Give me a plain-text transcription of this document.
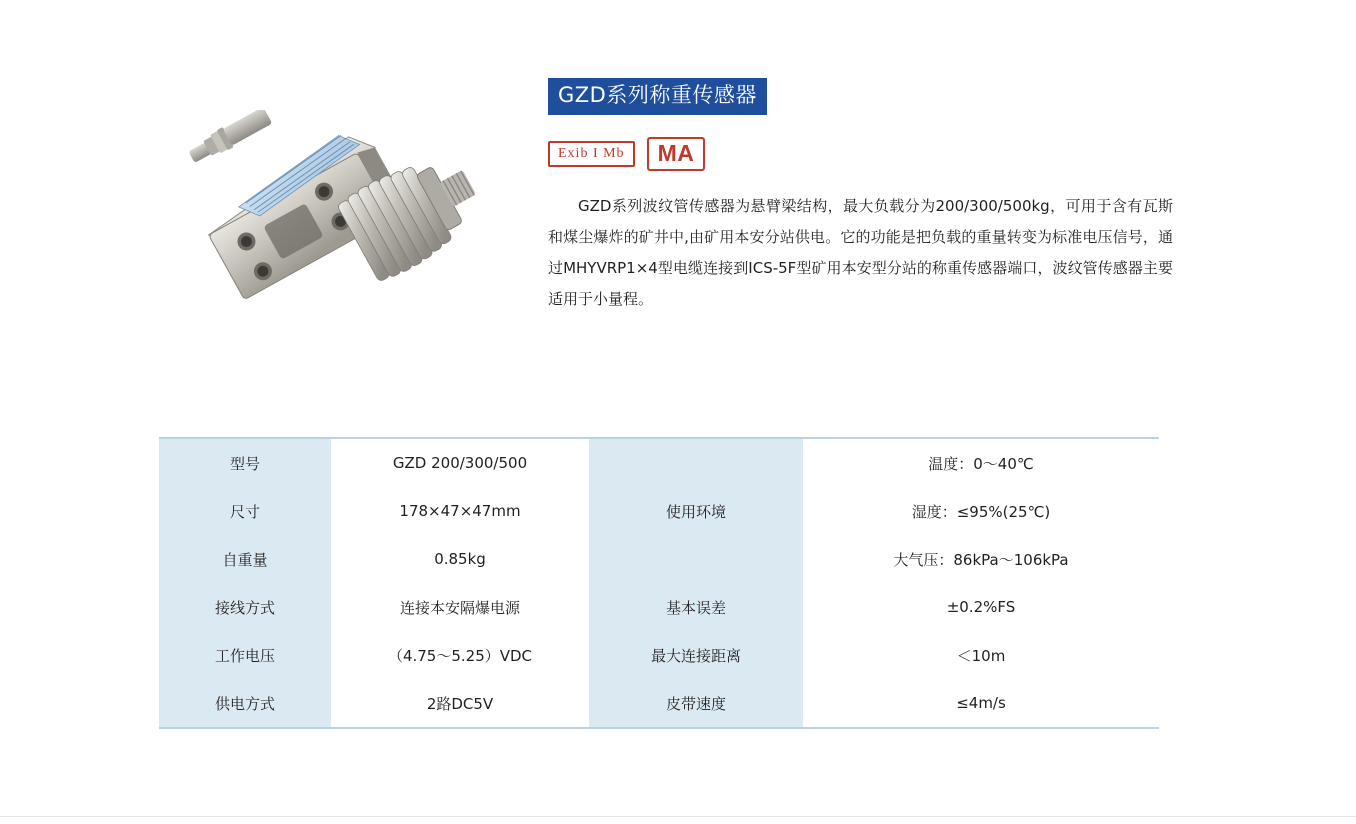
GZD系列称重传感器
Exib I Mb	MA

GZD系列波纹管传感器为悬臂梁结构，最大负载分为200/300/500kg，可用于含有瓦斯和煤尘爆炸的矿井中,由矿用本安分站供电。它的功能是把负载的重量转变为标准电压信号，通过MHYVRP1×4型电缆连接到ICS-5F型矿用本安型分站的称重传感器端口，波纹管传感器主要适用于小量程。

型号	GZD 200/300/500	使用环境	温度：0～40℃
尺寸	178×47×47mm		湿度：≤95%(25℃)
自重量	0.85kg		大气压：86kPa～106kPa
接线方式	连接本安隔爆电源	基本误差	±0.2%FS
工作电压	（4.75～5.25）VDC	最大连接距离	＜10m
供电方式	2路DC5V	皮带速度	≤4m/s
